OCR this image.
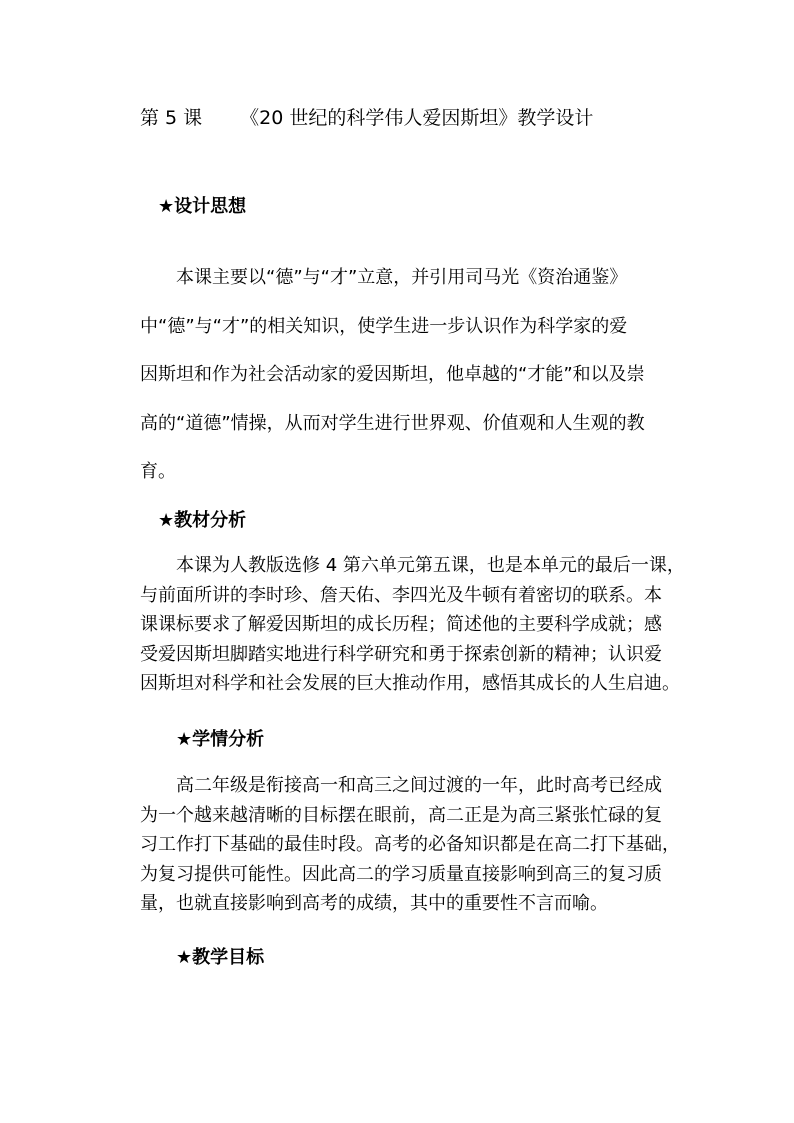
第 5 课 《20 世纪的科学伟人爱因斯坦》教学设计
★设计思想

本课主要以“德”与“才”立意，并引用司马光《资治通鉴》

中“德”与“才”的相关知识，使学生进一步认识作为科学家的爱

因斯坦和作为社会活动家的爱因斯坦，他卓越的“才能”和以及崇

高的“道德”情操，从而对学生进行世界观、价值观和人生观的教

育。

★教材分析

本课为人教版选修 4 第六单元第五课，也是本单元的最后一课，

与前面所讲的李时珍、詹天佑、李四光及牛顿有着密切的联系。本

课课标要求了解爱因斯坦的成长历程；简述他的主要科学成就；感

受爱因斯坦脚踏实地进行科学研究和勇于探索创新的精神；认识爱

因斯坦对科学和社会发展的巨大推动作用，感悟其成长的人生启迪。

★学情分析

高二年级是衔接高一和高三之间过渡的一年，此时高考已经成

为一个越来越清晰的目标摆在眼前，高二正是为高三紧张忙碌的复

习工作打下基础的最佳时段。高考的必备知识都是在高二打下基础，

为复习提供可能性。因此高二的学习质量直接影响到高三的复习质

量，也就直接影响到高考的成绩，其中的重要性不言而喻。

★教学目标
